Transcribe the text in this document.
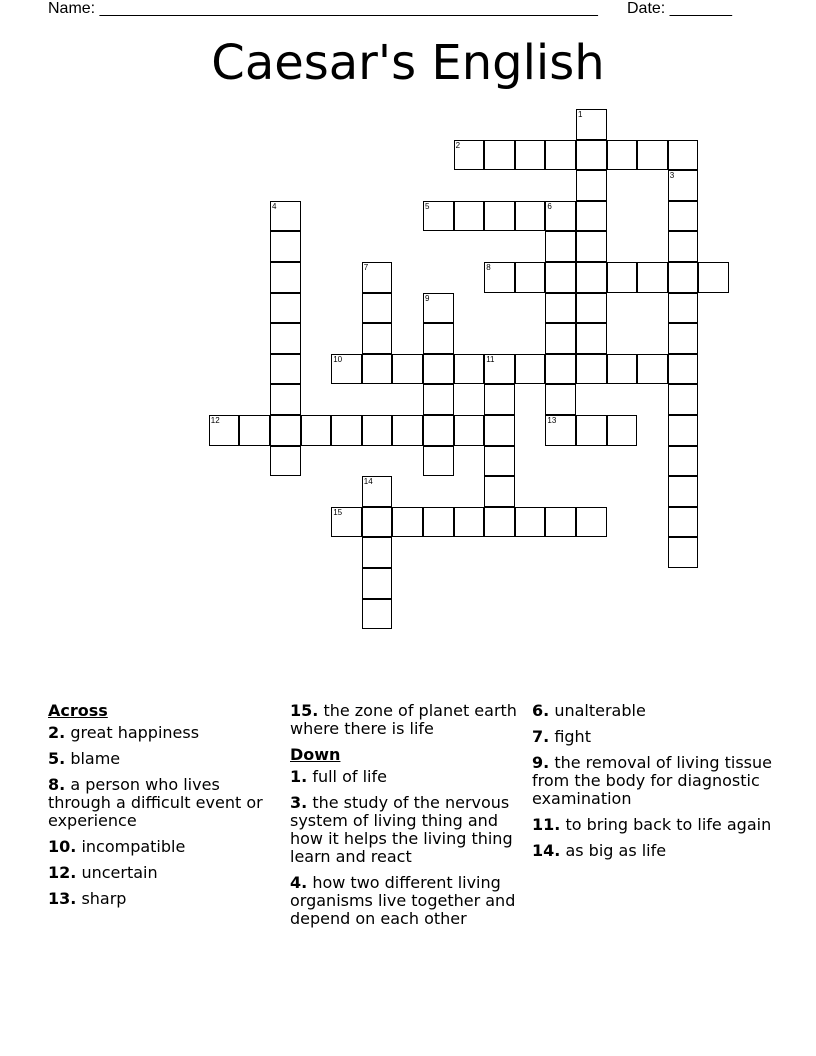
Name: ________________________________________________________ Date: _______
Caesar's English
1
2
3
4	5	6
7	8
9
10	11
12	13
14
15
Across
2. great happiness
5. blame
8. a person who lives through a difficult event or experience
10. incompatible
12. uncertain
13. sharp
15. the zone of planet earth where there is life
Down
1. full of life
3. the study of the nervous system of living thing and how it helps the living thing learn and react
4. how two different living organisms live together and depend on each other
6. unalterable
7. fight
9. the removal of living tissue from the body for diagnostic examination
11. to bring back to life again
14. as big as life
